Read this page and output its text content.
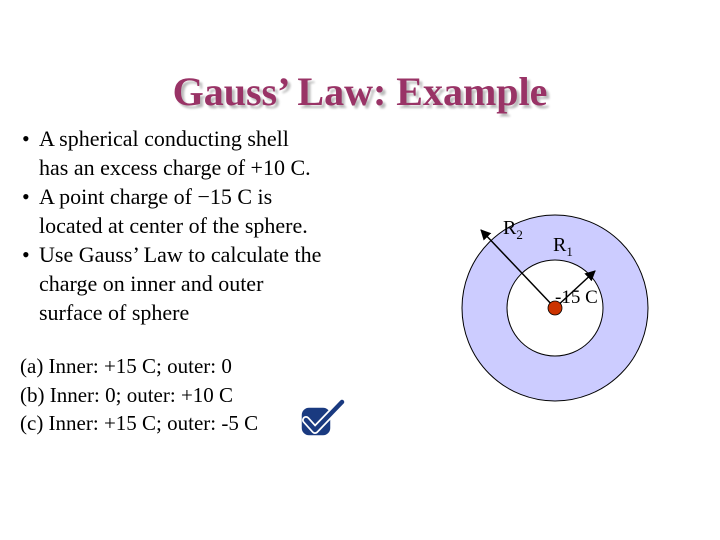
Gauss’ Law: Example
• A spherical conducting shell
has an excess charge of +10 C.
• A point charge of −15 C is
located at center of the sphere.
• Use Gauss’ Law to calculate the
charge on inner and outer
surface of sphere
(a) Inner: +15 C; outer: 0
(b) Inner: 0; outer: +10 C
(c) Inner: +15 C; outer: -5 C
$R_2$ $R_1$
-15 C
